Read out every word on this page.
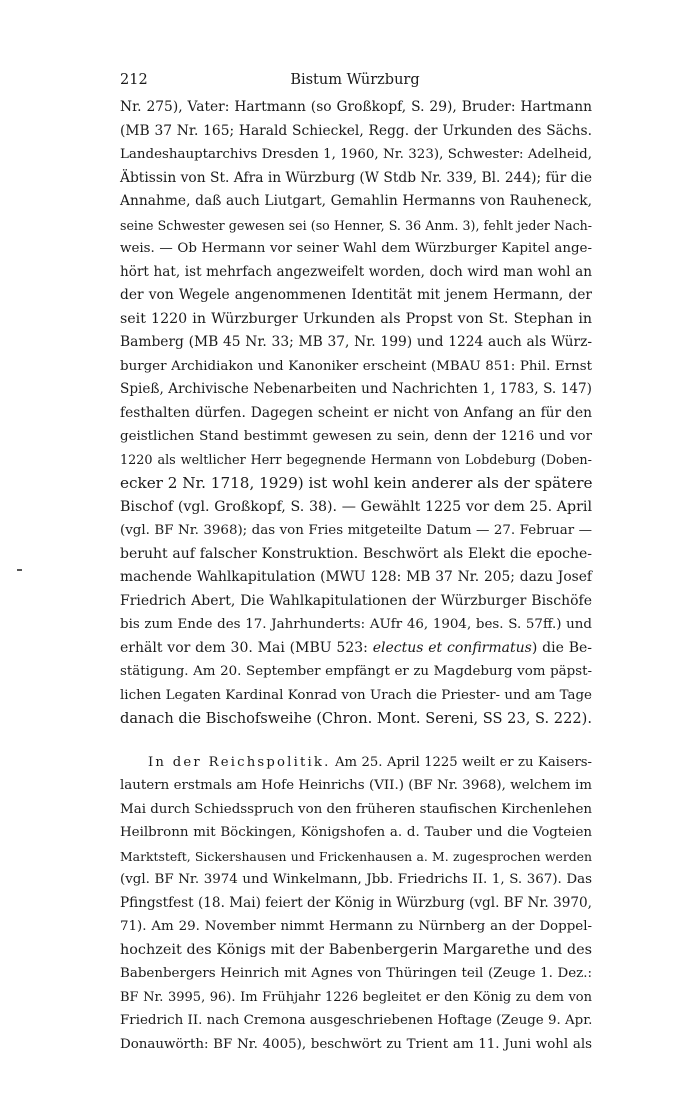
212	Bistum Würzburg
Nr. 275), Vater: Hartmann (so Großkopf, S. 29), Bruder: Hartmann
(MB 37 Nr. 165; Harald Schieckel, Regg. der Urkunden des Sächs.
Landeshauptarchivs Dresden 1, 1960, Nr. 323), Schwester: Adelheid,
Äbtissin von St. Afra in Würzburg (W Stdb Nr. 339, Bl. 244); für die
Annahme, daß auch Liutgart, Gemahlin Hermanns von Rauheneck,
seine Schwester gewesen sei (so Henner, S. 36 Anm. 3), fehlt jeder Nach-
weis. — Ob Hermann vor seiner Wahl dem Würzburger Kapitel ange-
hört hat, ist mehrfach angezweifelt worden, doch wird man wohl an
der von Wegele angenommenen Identität mit jenem Hermann, der
seit 1220 in Würzburger Urkunden als Propst von St. Stephan in
Bamberg (MB 45 Nr. 33; MB 37, Nr. 199) und 1224 auch als Würz-
burger Archidiakon und Kanoniker erscheint (MBAU 851: Phil. Ernst
Spieß, Archivische Nebenarbeiten und Nachrichten 1, 1783, S. 147)
festhalten dürfen. Dagegen scheint er nicht von Anfang an für den
geistlichen Stand bestimmt gewesen zu sein, denn der 1216 und vor
1220 als weltlicher Herr begegnende Hermann von Lobdeburg (Doben-
ecker 2 Nr. 1718, 1929) ist wohl kein anderer als der spätere
Bischof (vgl. Großkopf, S. 38). — Gewählt 1225 vor dem 25. April
(vgl. BF Nr. 3968); das von Fries mitgeteilte Datum — 27. Februar —
beruht auf falscher Konstruktion. Beschwört als Elekt die epoche-
machende Wahlkapitulation (MWU 128: MB 37 Nr. 205; dazu Josef
Friedrich Abert, Die Wahlkapitulationen der Würzburger Bischöfe
bis zum Ende des 17. Jahrhunderts: AUfr 46, 1904, bes. S. 57ff.) und
erhält vor dem 30. Mai (MBU 523: electus et confirmatus) die Be-
stätigung. Am 20. September empfängt er zu Magdeburg vom päpst-
lichen Legaten Kardinal Konrad von Urach die Priester- und am Tage
danach die Bischofsweihe (Chron. Mont. Sereni, SS 23, S. 222).
In der Reichspolitik. Am 25. April 1225 weilt er zu Kaisers-
lautern erstmals am Hofe Heinrichs (VII.) (BF Nr. 3968), welchem im
Mai durch Schiedsspruch von den früheren staufischen Kirchenlehen
Heilbronn mit Böckingen, Königshofen a. d. Tauber und die Vogteien
Marktsteft, Sickershausen und Frickenhausen a. M. zugesprochen werden
(vgl. BF Nr. 3974 und Winkelmann, Jbb. Friedrichs II. 1, S. 367). Das
Pfingstfest (18. Mai) feiert der König in Würzburg (vgl. BF Nr. 3970,
71). Am 29. November nimmt Hermann zu Nürnberg an der Doppel-
hochzeit des Königs mit der Babenbergerin Margarethe und des
Babenbergers Heinrich mit Agnes von Thüringen teil (Zeuge 1. Dez.:
BF Nr. 3995, 96). Im Frühjahr 1226 begleitet er den König zu dem von
Friedrich II. nach Cremona ausgeschriebenen Hoftage (Zeuge 9. Apr.
Donauwörth: BF Nr. 4005), beschwört zu Trient am 11. Juni wohl als
